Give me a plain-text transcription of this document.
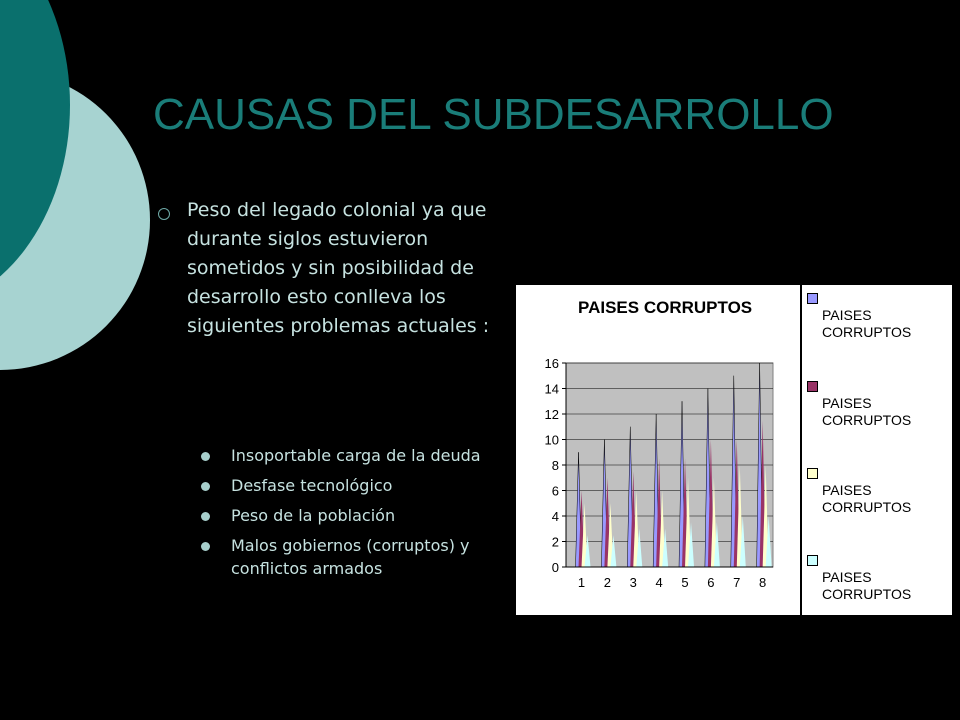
CAUSAS DEL SUBDESARROLLO
Peso del legado colonial ya que durante siglos estuvieron sometidos y sin posibilidad de desarrollo esto conlleva los siguientes problemas actuales :
Insoportable carga de la deuda
Desfase tecnológico
Peso de la población
Malos gobiernos (corruptos) y conflictos armados	0
2
4
6
8
10
12
14
16
1 2 3 4 5 6 7 8
PAISES CORRUPTOS	PAISES CORRUPTOS
PAISES CORRUPTOS
PAISES CORRUPTOS
PAISES CORRUPTOS
